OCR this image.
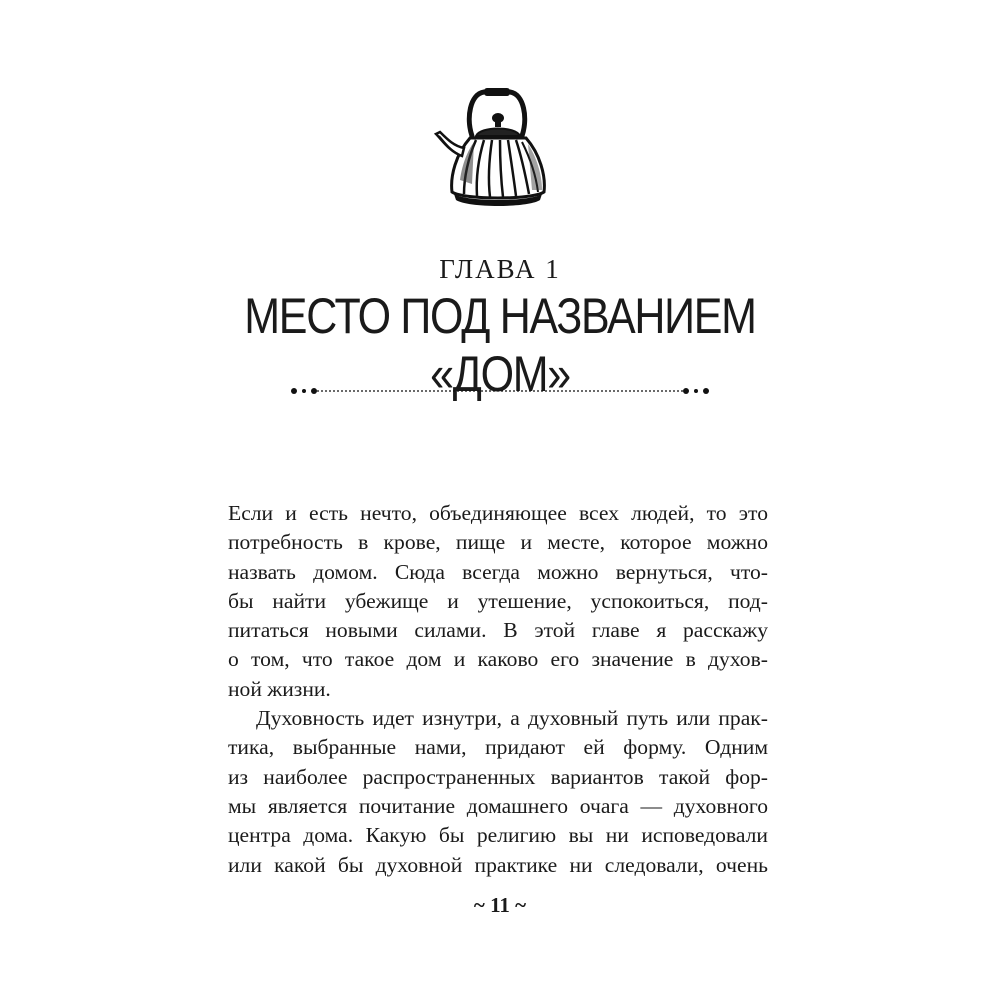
ГЛАВА 1
МЕСТО ПОД НАЗВАНИЕМ
«ДОМ»
Если и есть нечто, объединяющее всех людей, то это
потребность в крове, пище и месте, которое можно
назвать домом. Сюда всегда можно вернуться, что-
бы найти убежище и утешение, успокоиться, под-
питаться новыми силами. В этой главе я расскажу
о том, что такое дом и каково его значение в духов-
ной жизни.
Духовность идет изнутри, а духовный путь или прак-
тика, выбранные нами, придают ей форму. Одним
из наиболее распространенных вариантов такой фор-
мы является почитание домашнего очага — духовного
центра дома. Какую бы религию вы ни исповедовали
или какой бы духовной практике ни следовали, очень
~ 11 ~
